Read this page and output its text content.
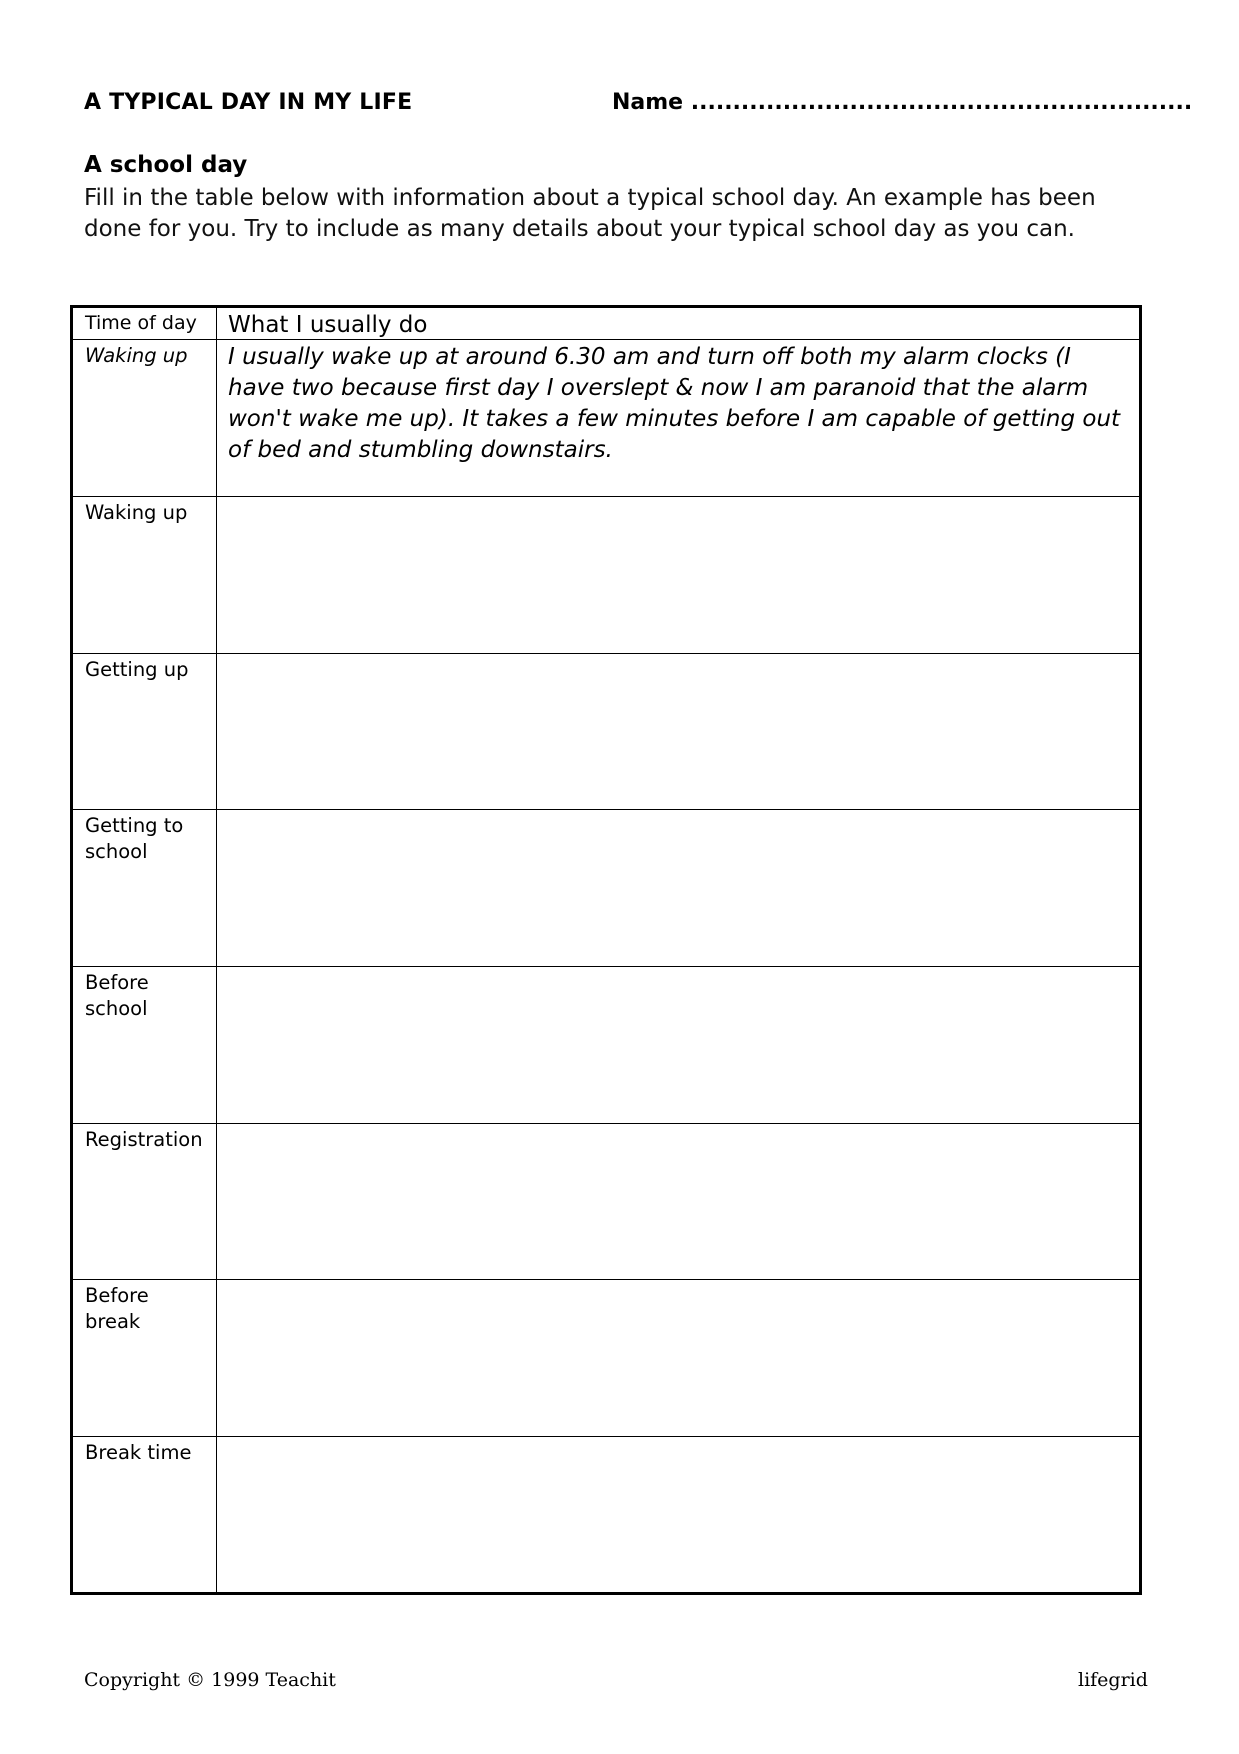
A TYPICAL DAY IN MY LIFE	Name ............................................................
A school day
Fill in the table below with information about a typical school day. An example has been done for you. Try to include as many details about your typical school day as you can.
Time of day	What I usually do
Waking up	I usually wake up at around 6.30 am and turn off both my alarm clocks (I have two because first day I overslept & now I am paranoid that the alarm won't wake me up). It takes a few minutes before I am capable of getting out of bed and stumbling downstairs.
Waking up	
Getting up	
Getting to school	
Before school	
Registration	
Before break	
Break time	
Copyright © 1999 Teachit	lifegrid
